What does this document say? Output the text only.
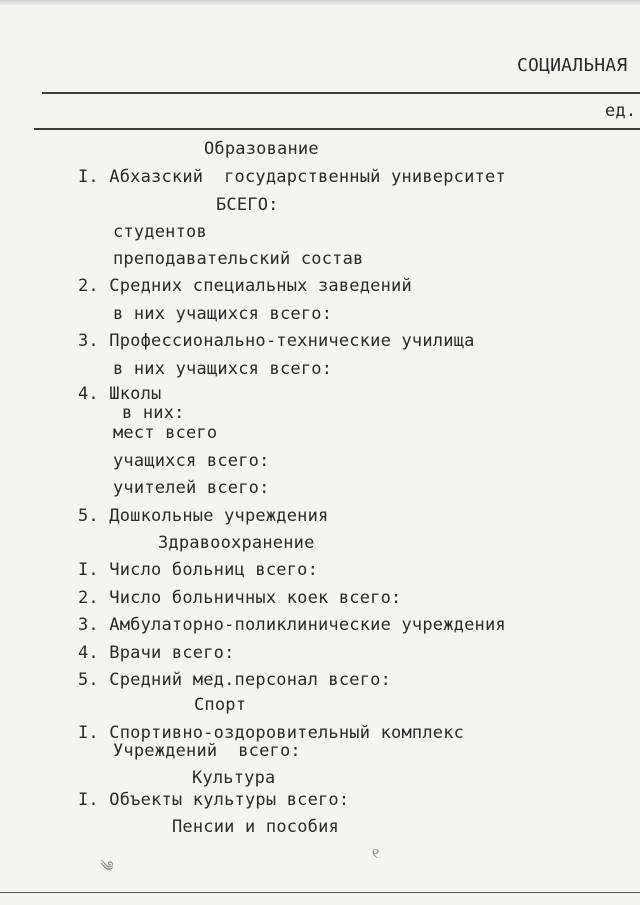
СОЦИАЛЬНАЯ
ед.
Образование
I. Абхазский  государственный университет
БСЕГО:
студентов
преподавательский состав
2. Средних специальных заведений
в них учащихся всего:
3. Профессиональнo-технические училища
в них учащихся всего:
4. Школы
в них:
мест всего
учащихся всего:
учителей всего:
5. Дошкольные учреждения
Здравоохранение
I. Число больниц всего:
2. Число больничных коек всего:
3. Амбулаторно-поликлинические учреждения
4. Врачи всего:
5. Средний мед.персонал всего:
Спорт
I. Спортивно-оздоровительный комплекс
Учреждений  всего:
Культура
I. Объекты культуры всего:
Пенсии и пособия
༄
୧
